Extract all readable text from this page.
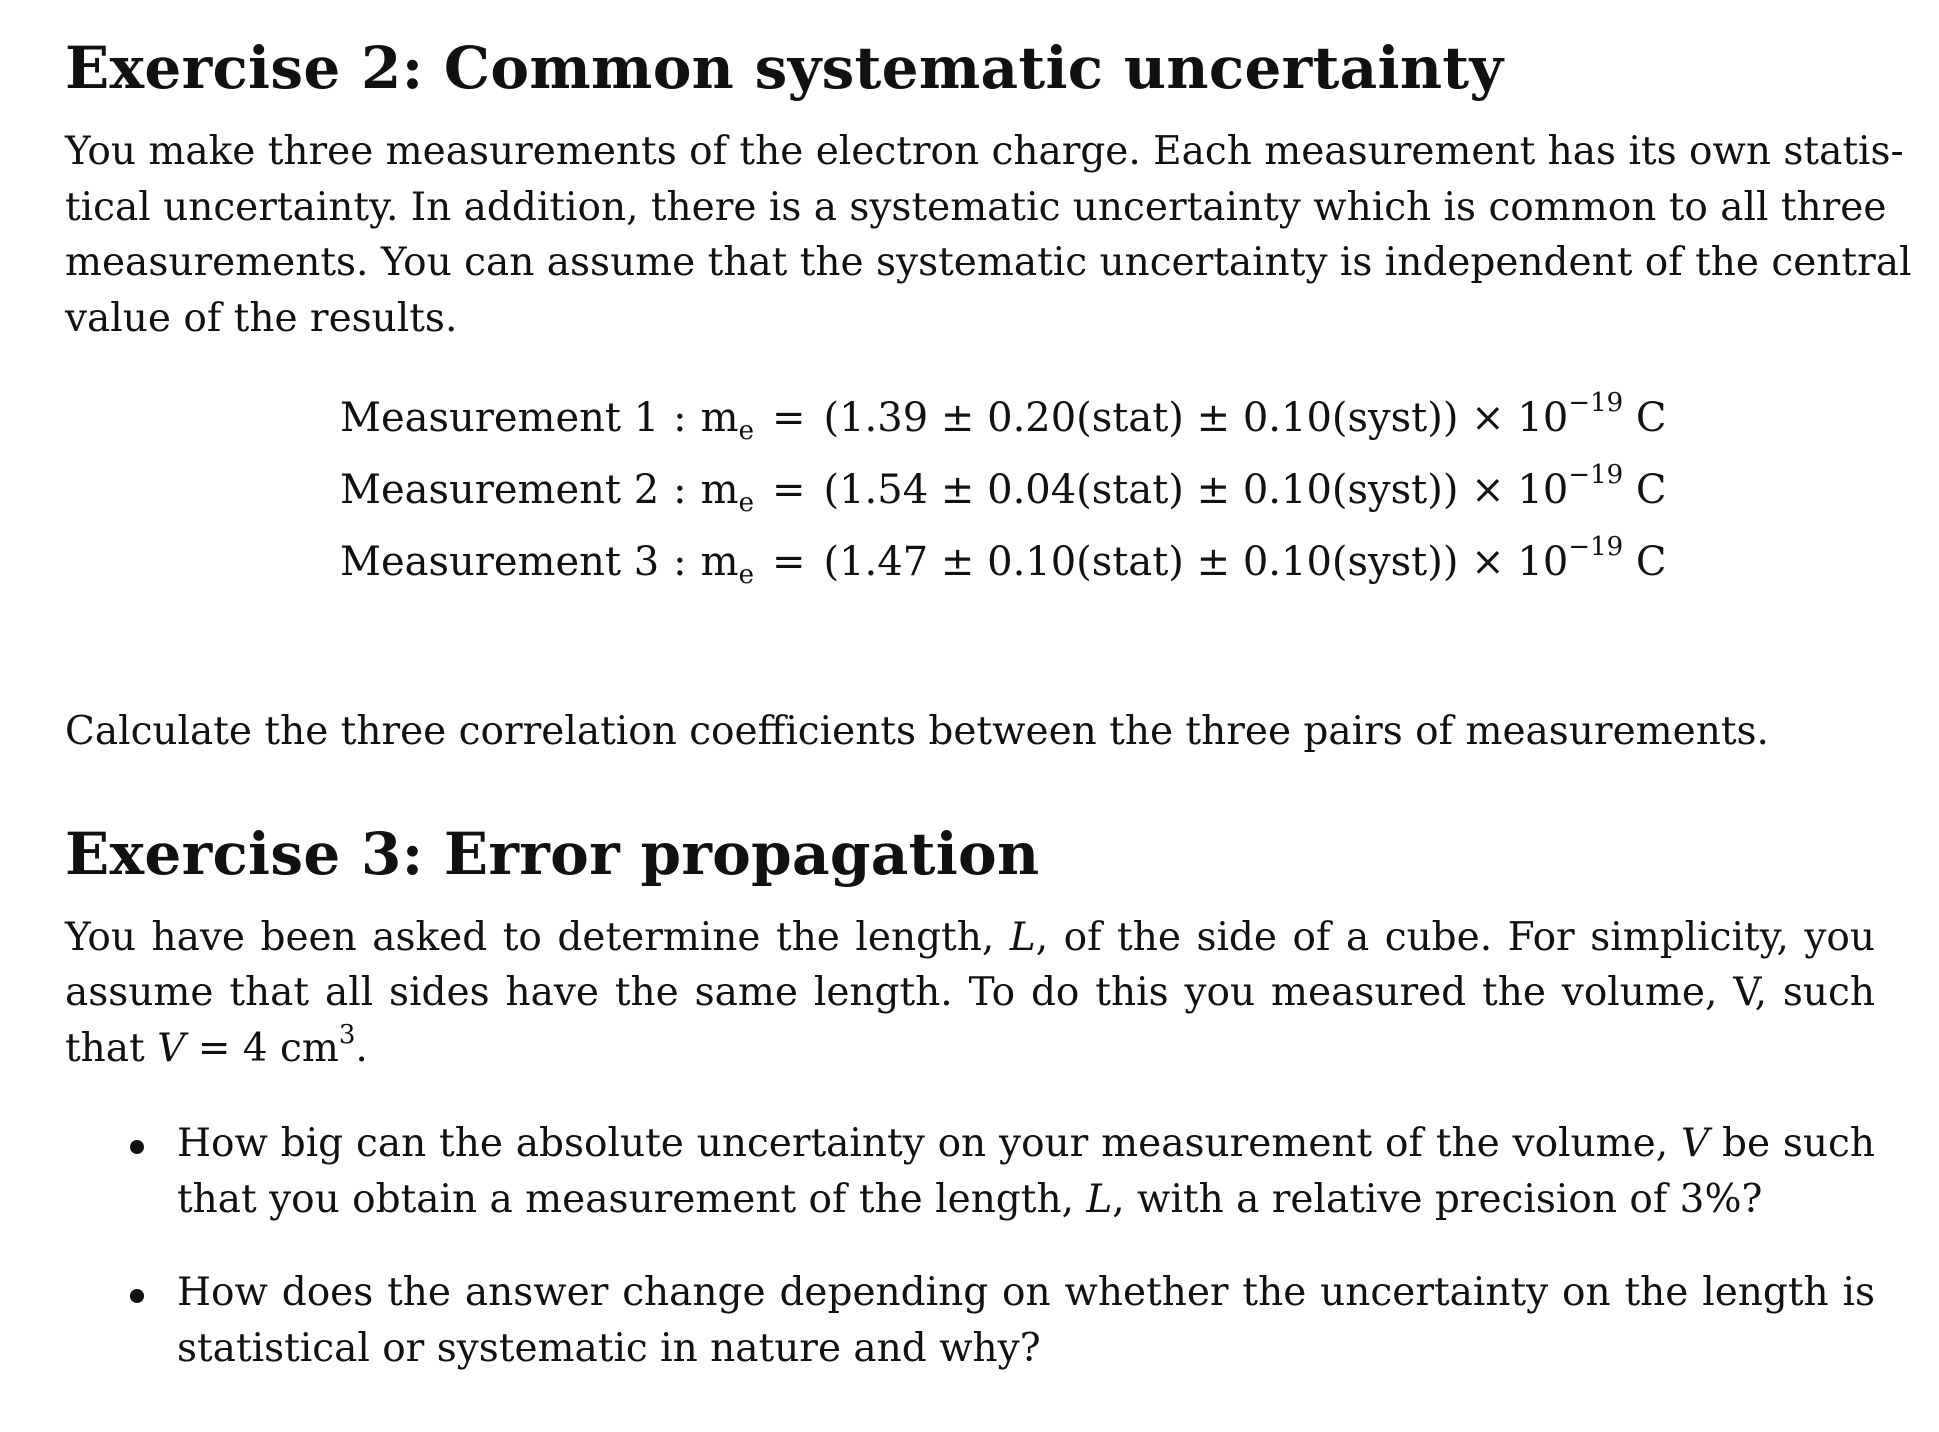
Exercise 2: Common systematic uncertainty
You make three measurements of the electron charge. Each measurement has its own statis-
tical uncertainty. In addition, there is a systematic uncertainty which is common to all three
measurements. You can assume that the systematic uncertainty is independent of the central
value of the results.
Measurement 1 : $m_e = (1.39$ ± 0.20(stat) ± 0.10(syst)) × $10^{-19}$ C
Measurement 2 : $m_e = (1.54$ ± 0.04(stat) ± 0.10(syst)) × $10^{-19}$ C
Measurement 3 : $m_e = (1.47$ ± 0.10(stat) ± 0.10(syst)) × $10^{-19}$ C

Calculate the three correlation coefficients between the three pairs of measurements.

Exercise 3: Error propagation
You have been asked to determine the length, L, of the side of a cube. For simplicity, you
assume that all sides have the same length. To do this you measured the volume, V, such
that V = 4 $cm^3$.
How big can the absolute uncertainty on your measurement of the volume, V be such
that you obtain a measurement of the length, L, with a relative precision of 3%?
How does the answer change depending on whether the uncertainty on the length is
statistical or systematic in nature and why?
